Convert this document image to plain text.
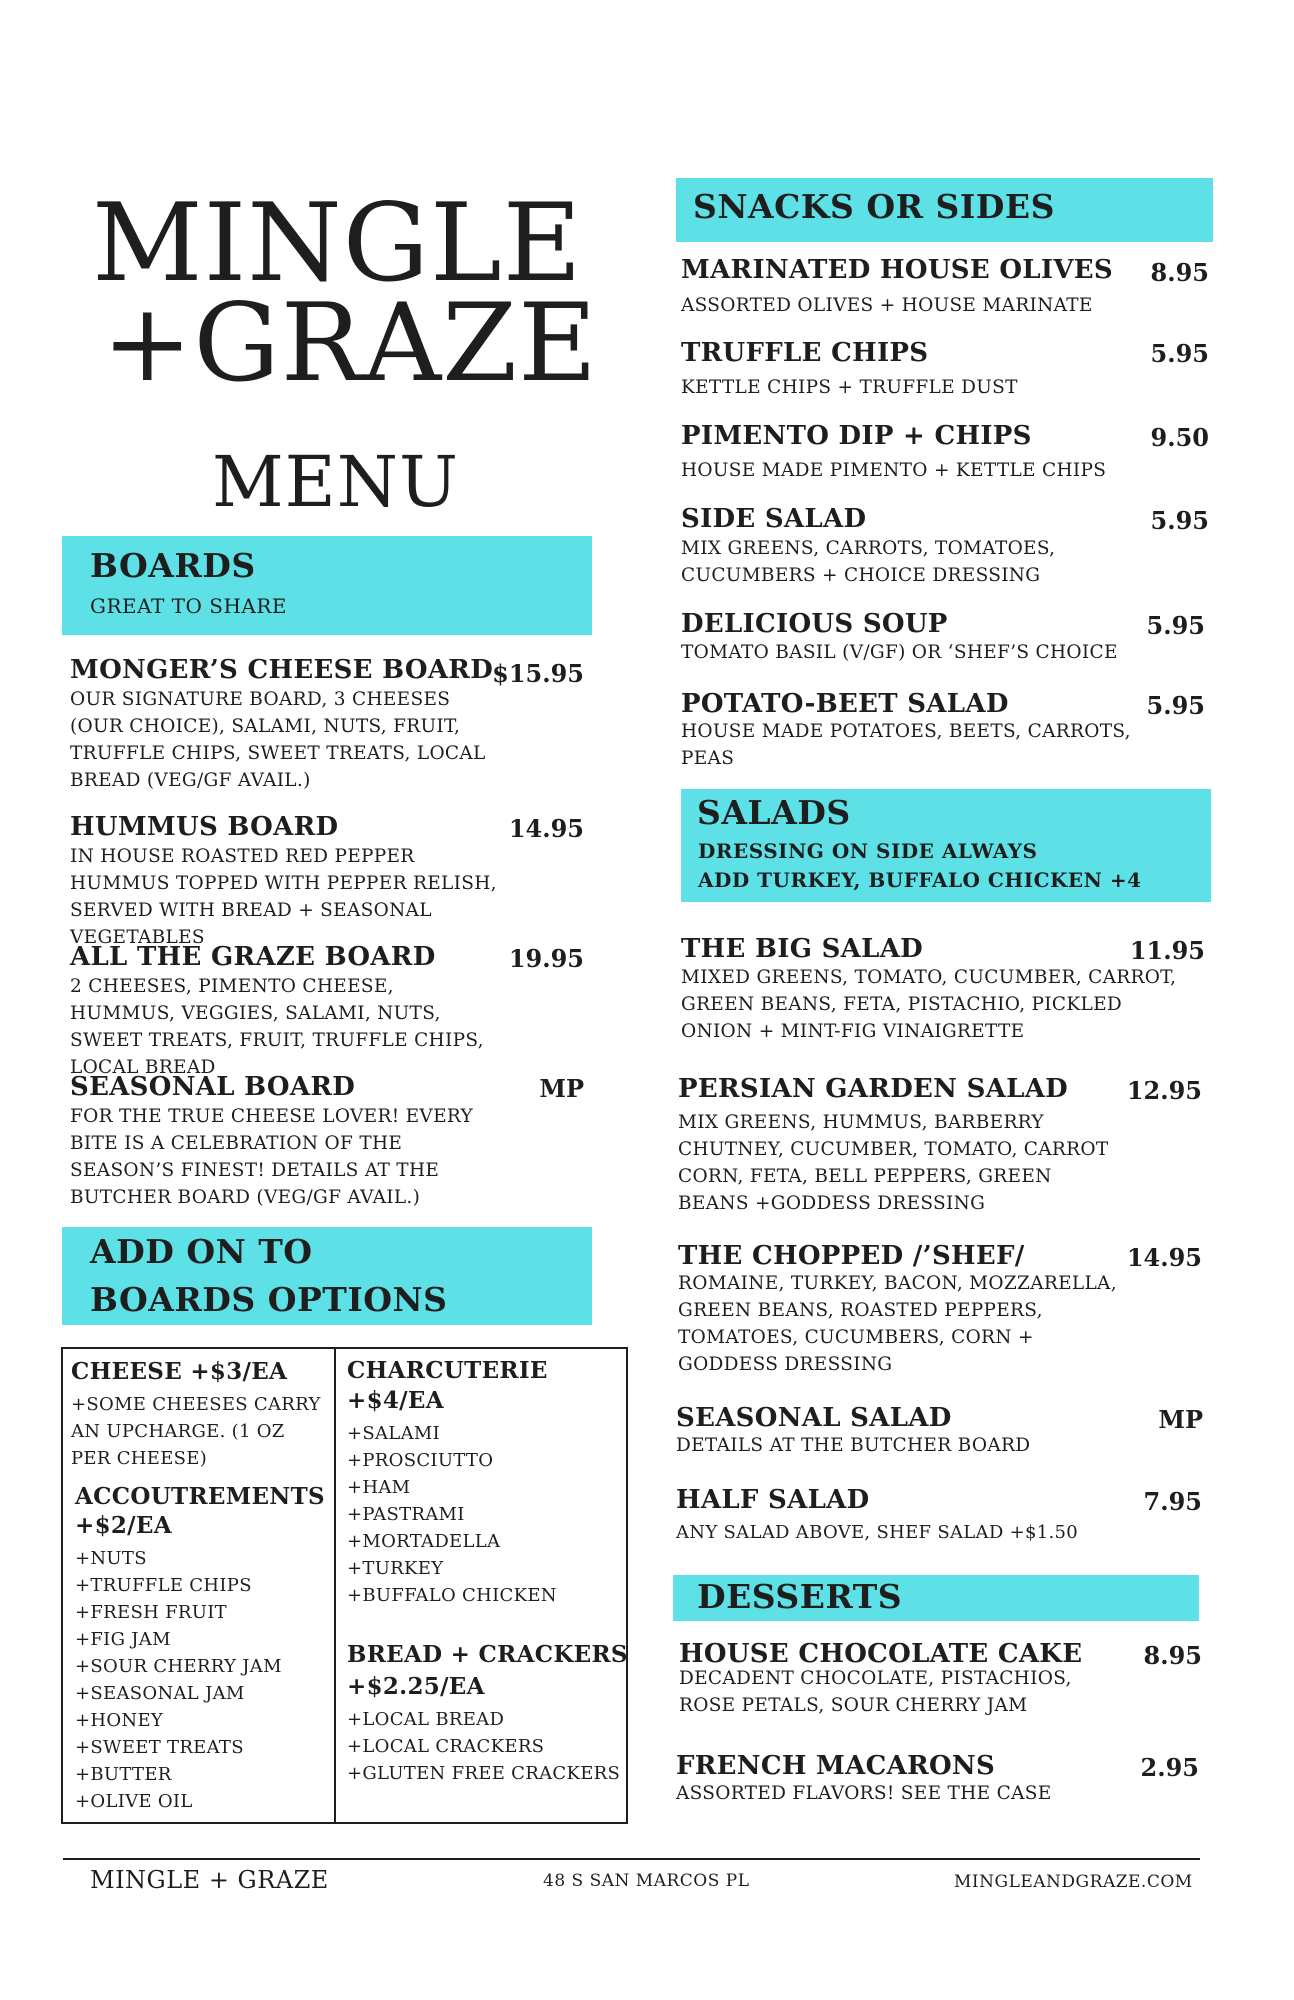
MINGLE
+GRAZE
MENU
BOARDS
GREAT TO SHARE
MONGER’S CHEESE BOARD $15.95
OUR SIGNATURE BOARD, 3 CHEESES (OUR CHOICE), SALAMI, NUTS, FRUIT, TRUFFLE CHIPS, SWEET TREATS, LOCAL BREAD (VEG/GF AVAIL.)
HUMMUS BOARD	14.95
IN HOUSE ROASTED RED PEPPER HUMMUS TOPPED WITH PEPPER RELISH, SERVED WITH BREAD + SEASONAL VEGETABLES
ALL THE GRAZE BOARD	19.95
2 CHEESES, PIMENTO CHEESE, HUMMUS, VEGGIES, SALAMI, NUTS, SWEET TREATS, FRUIT, TRUFFLE CHIPS, LOCAL BREAD
SEASONAL BOARD	MP
FOR THE TRUE CHEESE LOVER! EVERY BITE IS A CELEBRATION OF THE SEASON’S FINEST! DETAILS AT THE BUTCHER BOARD (VEG/GF AVAIL.)
ADD ON TO
BOARDS OPTIONS
CHEESE +$3/EA
+SOME CHEESES CARRY AN UPCHARGE. (1 OZ PER CHEESE)
ACCOUTREMENTS
+$2/EA
+NUTS
+TRUFFLE CHIPS
+FRESH FRUIT
+FIG JAM
+SOUR CHERRY JAM
+SEASONAL JAM
+HONEY
+SWEET TREATS
+BUTTER
+OLIVE OIL
CHARCUTERIE
+$4/EA
+SALAMI
+PROSCIUTTO
+HAM
+PASTRAMI
+MORTADELLA
+TURKEY
+BUFFALO CHICKEN
BREAD + CRACKERS
+$2.25/EA
+LOCAL BREAD
+LOCAL CRACKERS
+GLUTEN FREE CRACKERS
SNACKS OR SIDES
MARINATED HOUSE OLIVES 8.95
ASSORTED OLIVES + HOUSE MARINATE
TRUFFLE CHIPS	5.95
KETTLE CHIPS + TRUFFLE DUST
PIMENTO DIP + CHIPS	9.50
HOUSE MADE PIMENTO + KETTLE CHIPS
SIDE SALAD	5.95
MIX GREENS, CARROTS, TOMATOES, CUCUMBERS + CHOICE DRESSING
DELICIOUS SOUP	5.95
TOMATO BASIL (V/GF) OR ‘SHEF’S CHOICE
POTATO-BEET SALAD	5.95
HOUSE MADE POTATOES, BEETS, CARROTS, PEAS
SALADS
DRESSING ON SIDE ALWAYS
ADD TURKEY, BUFFALO CHICKEN +4
THE BIG SALAD	11.95
MIXED GREENS, TOMATO, CUCUMBER, CARROT, GREEN BEANS, FETA, PISTACHIO, PICKLED ONION + MINT-FIG VINAIGRETTE
PERSIAN GARDEN SALAD 12.95
MIX GREENS, HUMMUS, BARBERRY CHUTNEY, CUCUMBER, TOMATO, CARROT CORN, FETA, BELL PEPPERS, GREEN BEANS +GODDESS DRESSING
THE CHOPPED /’SHEF/	14.95
ROMAINE, TURKEY, BACON, MOZZARELLA, GREEN BEANS, ROASTED PEPPERS, TOMATOES, CUCUMBERS, CORN + GODDESS DRESSING
SEASONAL SALAD	MP
DETAILS AT THE BUTCHER BOARD
HALF SALAD	7.95
ANY SALAD ABOVE, SHEF SALAD +$1.50
DESSERTS
HOUSE CHOCOLATE CAKE	8.95
DECADENT CHOCOLATE, PISTACHIOS, ROSE PETALS, SOUR CHERRY JAM
FRENCH MACARONS	2.95
ASSORTED FLAVORS! SEE THE CASE
MINGLE + GRAZE	48 S SAN MARCOS PL	MINGLEANDGRAZE.COM
